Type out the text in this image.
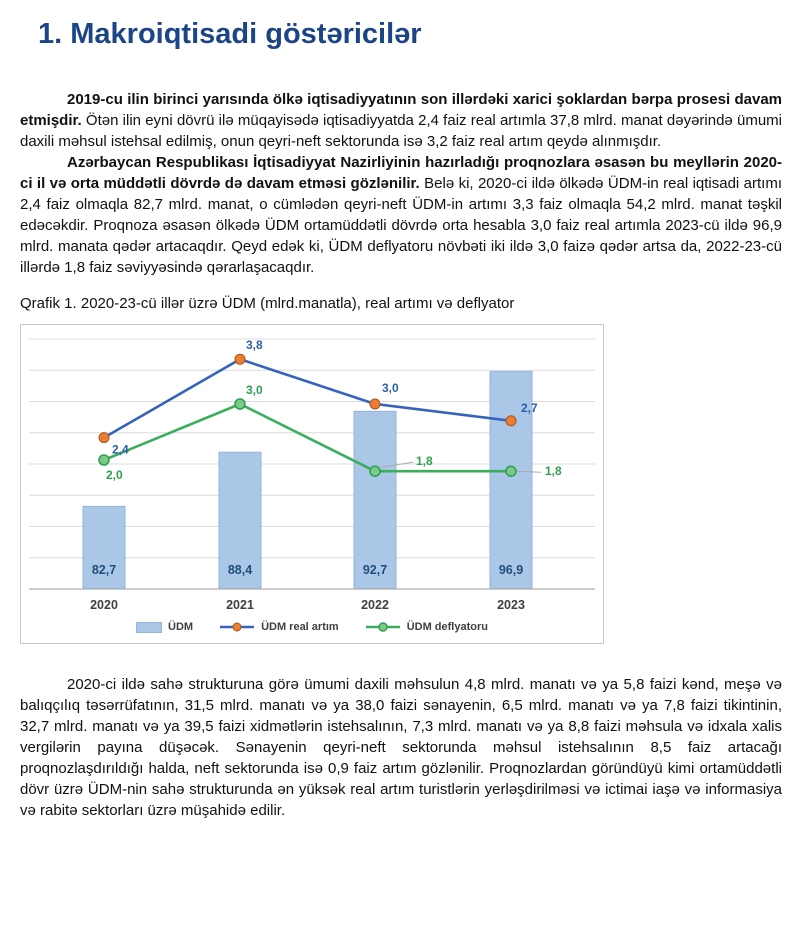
1. Makroiqtisadi göstəricilər

2019-cu ilin birinci yarısında ölkə iqtisadiyyatının son illərdəki xarici şoklardan bərpa prosesi davam etmişdir. Ötən ilin eyni dövrü ilə müqayisədə iqtisadiyyatda 2,4 faiz real artımla 37,8 mlrd. manat dəyərində ümumi daxili məhsul istehsal edilmiş, onun qeyri-neft sektorunda isə 3,2 faiz real artım qeydə alınmışdır.

Azərbaycan Respublikası İqtisadiyyat Nazirliyinin hazırladığı proqnozlara əsasən bu meyllərin 2020-ci il və orta müddətli dövrdə də davam etməsi gözlənilir. Belə ki, 2020-ci ildə ölkədə ÜDM-in real iqtisadi artımı 2,4 faiz olmaqla 82,7 mlrd. manat, o cümlədən qeyri-neft ÜDM-in artımı 3,3 faiz olmaqla 54,2 mlrd. manat təşkil edəcəkdir. Proqnoza əsasən ölkədə ÜDM ortamüddətli dövrdə orta hesabla 3,0 faiz real artımla 2023-cü ildə 96,9 mlrd. manata qədər artacaqdır. Qeyd edək ki, ÜDM deflyatoru növbəti iki ildə 3,0 faizə qədər artsa da, 2022-23-cü illərdə 1,8 faiz səviyyəsində qərarlaşacaqdır.

Qrafik 1. 2020-23-cü illər üzrə ÜDM (mlrd.manatla), real artımı və deflyator

82,7	88,4	92,7	96,9
2020	2021	2022	2023
2,4
3,8
3,0
2,7
2,0
3,0
1,8
1,8
ÜDM	ÜDM real artım	ÜDM deflyatoru

2020-ci ildə sahə strukturuna görə ümumi daxili məhsulun 4,8 mlrd. manatı və ya 5,8 faizi kənd, meşə və balıqçılıq təsərrüfatının, 31,5 mlrd. manatı və ya 38,0 faizi sənayenin, 6,5 mlrd. manatı və ya 7,8 faizi tikintinin, 32,7 mlrd. manatı və ya 39,5 faizi xidmətlərin istehsalının, 7,3 mlrd. manatı və ya 8,8 faizi məhsula və idxala xalis vergilərin payına düşəcək. Sənayenin qeyri-neft sektorunda məhsul istehsalının 8,5 faiz artacağı proqnozlaşdırıldığı halda, neft sektorunda isə 0,9 faiz artım gözlənilir. Proqnozlardan göründüyü kimi ortamüddətli dövr üzrə ÜDM-nin sahə strukturunda ən yüksək real artım turistlərin yerləşdirilməsi və ictimai iaşə və informasiya və rabitə sektorları üzrə müşahidə edilir.
